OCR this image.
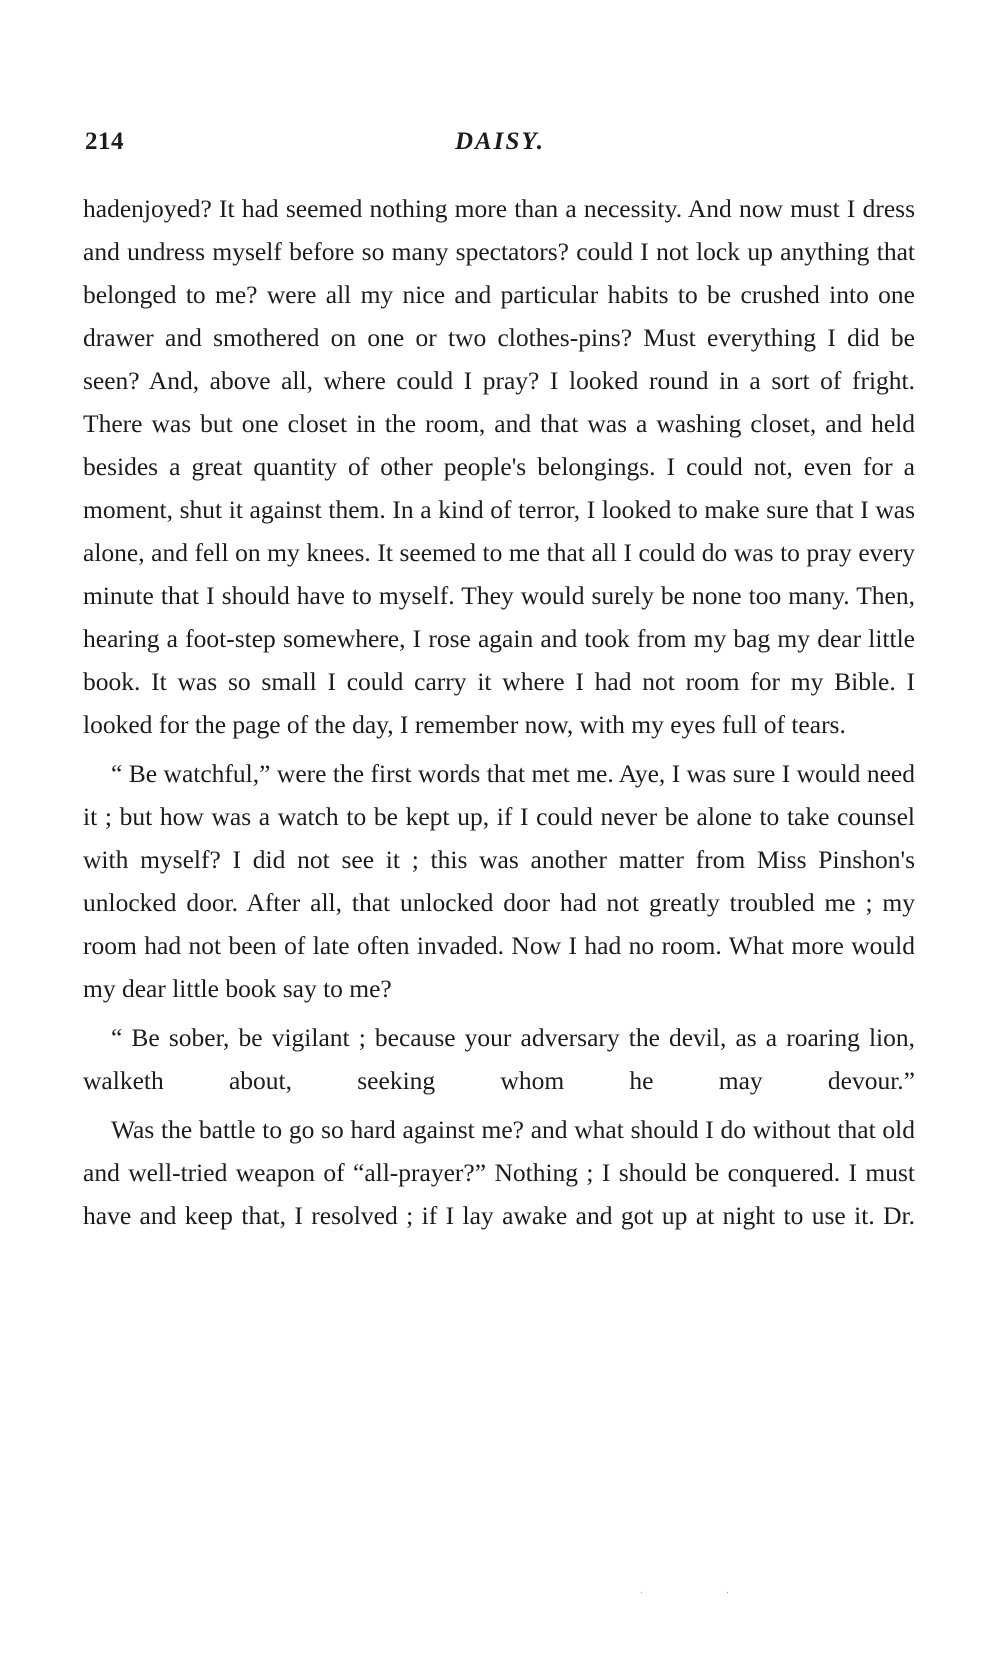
214	DAISY.

hadenjoyed? It had seemed nothing more than a necessity. And now must I dress and undress myself before so many spectators? could I not lock up anything that belonged to me? were all my nice and particular habits to be crushed into one drawer and smothered on one or two clothes-pins? Must everything I did be seen? And, above all, where could I pray? I looked round in a sort of fright. There was but one closet in the room, and that was a washing closet, and held besides a great quantity of other people's belongings. I could not, even for a moment, shut it against them. In a kind of terror, I looked to make sure that I was alone, and fell on my knees. It seemed to me that all I could do was to pray every minute that I should have to myself. They would surely be none too many. Then, hearing a foot-step somewhere, I rose again and took from my bag my dear little book. It was so small I could carry it where I had not room for my Bible. I looked for the page of the day, I remember now, with my eyes full of tears.

“ Be watchful,” were the first words that met me. Aye, I was sure I would need it ; but how was a watch to be kept up, if I could never be alone to take counsel with myself? I did not see it ; this was another matter from Miss Pinshon's unlocked door. After all, that unlocked door had not greatly troubled me ; my room had not been of late often invaded. Now I had no room. What more would my dear little book say to me?

“ Be sober, be vigilant ; because your adversary the devil, as a roaring lion, walketh about, seeking whom he may devour.”

Was the battle to go so hard against me? and what should I do without that old and well-tried weapon of “all-prayer?” Nothing ; I should be conquered. I must have and keep that, I resolved ; if I lay awake and got up at night to use it. Dr.

· ·
